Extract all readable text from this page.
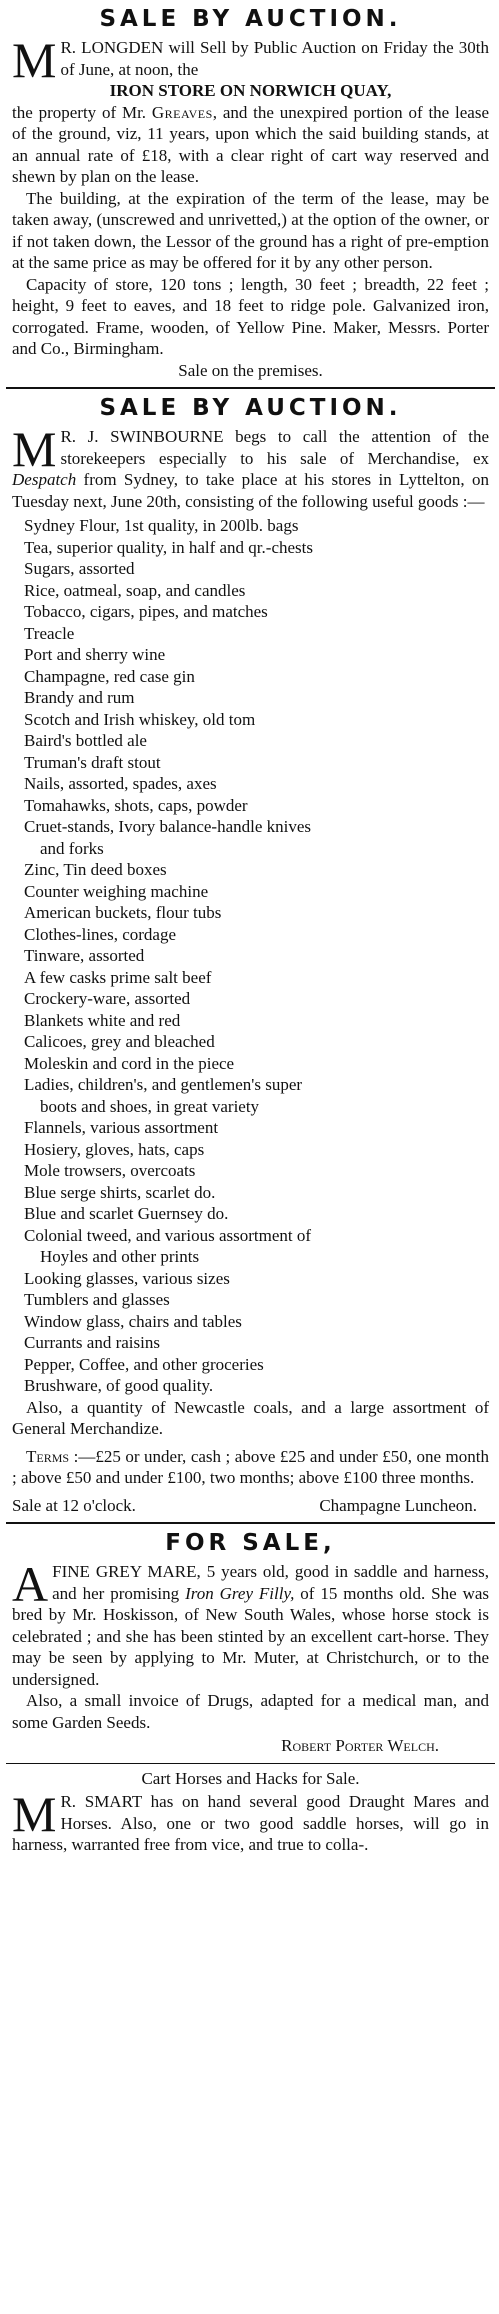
SALE BY AUCTION.

M R. LONGDEN will Sell by Public Auction on Friday the 30th of June, at noon, the

IRON STORE ON NORWICH QUAY,

the property of Mr. Greaves, and the unexpired portion of the lease of the ground, viz, 11 years, upon which the said building stands, at an annual rate of £18, with a clear right of cart way reserved and shewn by plan on the lease.

The building, at the expiration of the term of the lease, may be taken away, (unscrewed and unrivetted,) at the option of the owner, or if not taken down, the Lessor of the ground has a right of pre-emption at the same price as may be offered for it by any other person.

Capacity of store, 120 tons ; length, 30 feet ; breadth, 22 feet ; height, 9 feet to eaves, and 18 feet to ridge pole. Galvanized iron, corrogated. Frame, wooden, of Yellow Pine. Maker, Messrs. Porter and Co., Birmingham.

Sale on the premises.
SALE BY AUCTION.

M R. J. SWINBOURNE begs to call the attention of the storekeepers especially to his sale of Merchandise, ex Despatch from Sydney, to take place at his stores in Lyttelton, on Tuesday next, June 20th, consisting of the following useful goods :—

Sydney Flour, 1st quality, in 200lb. bags
Tea, superior quality, in half and qr.-chests
Sugars, assorted
Rice, oatmeal, soap, and candles
Tobacco, cigars, pipes, and matches
Treacle
Port and sherry wine
Champagne, red case gin
Brandy and rum
Scotch and Irish whiskey, old tom
Baird's bottled ale
Truman's draft stout
Nails, assorted, spades, axes
Tomahawks, shots, caps, powder
Cruet-stands, Ivory balance-handle knives
and forks
Zinc, Tin deed boxes
Counter weighing machine
American buckets, flour tubs
Clothes-lines, cordage
Tinware, assorted
A few casks prime salt beef
Crockery-ware, assorted
Blankets white and red
Calicoes, grey and bleached
Moleskin and cord in the piece
Ladies, children's, and gentlemen's super
boots and shoes, in great variety
Flannels, various assortment
Hosiery, gloves, hats, caps
Mole trowsers, overcoats
Blue serge shirts, scarlet do.
Blue and scarlet Guernsey do.
Colonial tweed, and various assortment of
Hoyles and other prints
Looking glasses, various sizes
Tumblers and glasses
Window glass, chairs and tables
Currants and raisins
Pepper, Coffee, and other groceries
Brushware, of good quality.

Also, a quantity of Newcastle coals, and a large assortment of General Merchandize.

Terms :—£25 or under, cash ; above £25 and under £50, one month ; above £50 and under £100, two months; above £100 three months.

Sale at 12 o'clock.	Champagne Luncheon.
FOR SALE,

AFINE GREY MARE, 5 years old, good in saddle and harness, and her promising Iron Grey Filly, of 15 months old. She was bred by Mr. Hoskisson, of New South Wales, whose horse stock is celebrated ; and she has been stinted by an excellent cart-horse. They may be seen by applying to Mr. Muter, at Christchurch, or to the undersigned.

Also, a small invoice of Drugs, adapted for a medical man, and some Garden Seeds.

Robert Porter Welch.
Cart Horses and Hacks for Sale.

M R. SMART has on hand several good Draught Mares and Horses. Also, one or two good saddle horses, will go in harness, warranted free from vice, and true to colla-.
